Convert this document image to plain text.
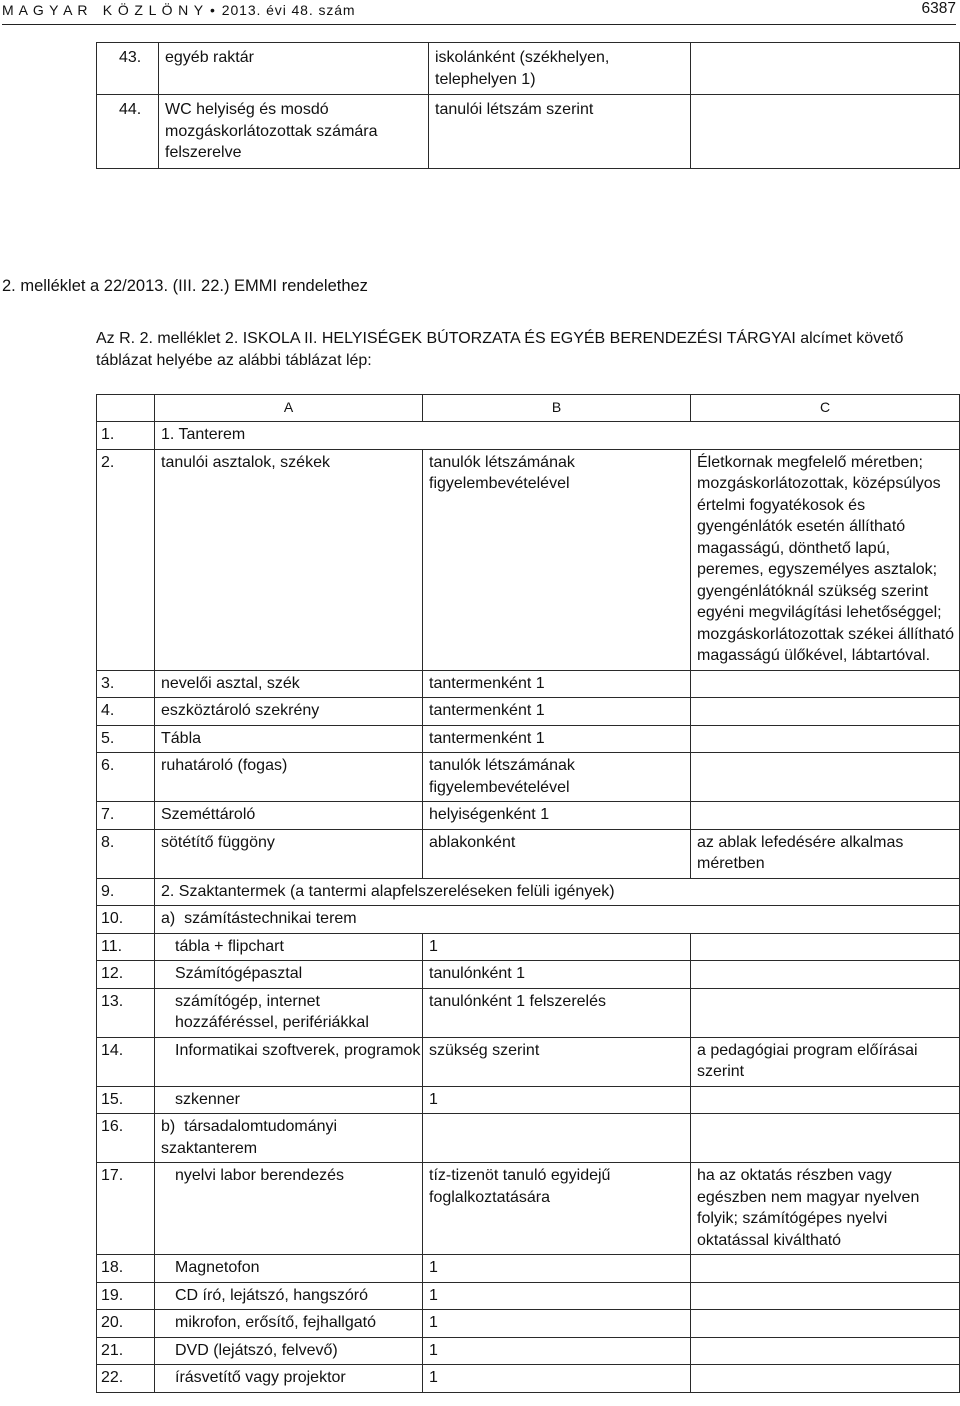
M A G Y A R   K Ö Z L Ö N Y • 2013. évi 48. szám	6387
43.	egyéb raktár	iskolánként (székhelyen, telephelyen 1)	
44.	WC helyiség és mosdó mozgáskorlátozottak számára felszerelve	tanulói létszám szerint	
2. melléklet a 22/2013. (III. 22.) EMMI rendelethez
Az R. 2. melléklet 2. ISKOLA II. HELYISÉGEK BÚTORZATA ÉS EGYÉB BERENDEZÉSI TÁRGYAI alcímet követő táblázat helyébe az alábbi táblázat lép:
	A	B	C
1.	1. Tanterem		
2.	tanulói asztalok, székek	tanulók létszámának figyelembevételével	Életkornak megfelelő méretben; mozgáskorlátozottak, középsúlyos értelmi fogyatékosok és gyengénlátók esetén állítható magasságú, dönthető lapú, peremes, egyszemélyes asztalok; gyengénlátóknál szükség szerint egyéni megvilágítási lehetőséggel; mozgáskorlátozottak székei állítható magasságú ülőkével, lábtartóval.
3.	nevelői asztal, szék	tantermenként 1	
4.	eszköztároló szekrény	tantermenként 1	
5.	Tábla	tantermenként 1	
6.	ruhatároló (fogas)	tanulók létszámának figyelembevételével	
7.	Szeméttároló	helyiségenként 1	
8.	sötétítő függöny	ablakonként	az ablak lefedésére alkalmas méretben
9.	2. Szaktantermek (a tantermi alapfelszereléseken felüli igények)		
10.	a)  számítástechnikai terem		
11.	tábla + flipchart	1	
12.	Számítógépasztal	tanulónként 1	
13.	számítógép, internet hozzáféréssel, perifériákkal	tanulónként 1 felszerelés	
14.	Informatikai szoftverek, programok	szükség szerint	a pedagógiai program előírásai szerint
15.	szkenner	1	
16.	b)  társadalomtudományi szaktanterem		
17.	nyelvi labor berendezés	tíz-tizenöt tanuló egyidejű foglalkoztatására	ha az oktatás részben vagy egészben nem magyar nyelven folyik; számítógépes nyelvi oktatással kiváltható
18.	Magnetofon	1	
19.	CD író, lejátszó, hangszóró	1	
20.	mikrofon, erősítő, fejhallgató	1	
21.	DVD (lejátszó, felvevő)	1	
22.	írásvetítő vagy projektor	1	
